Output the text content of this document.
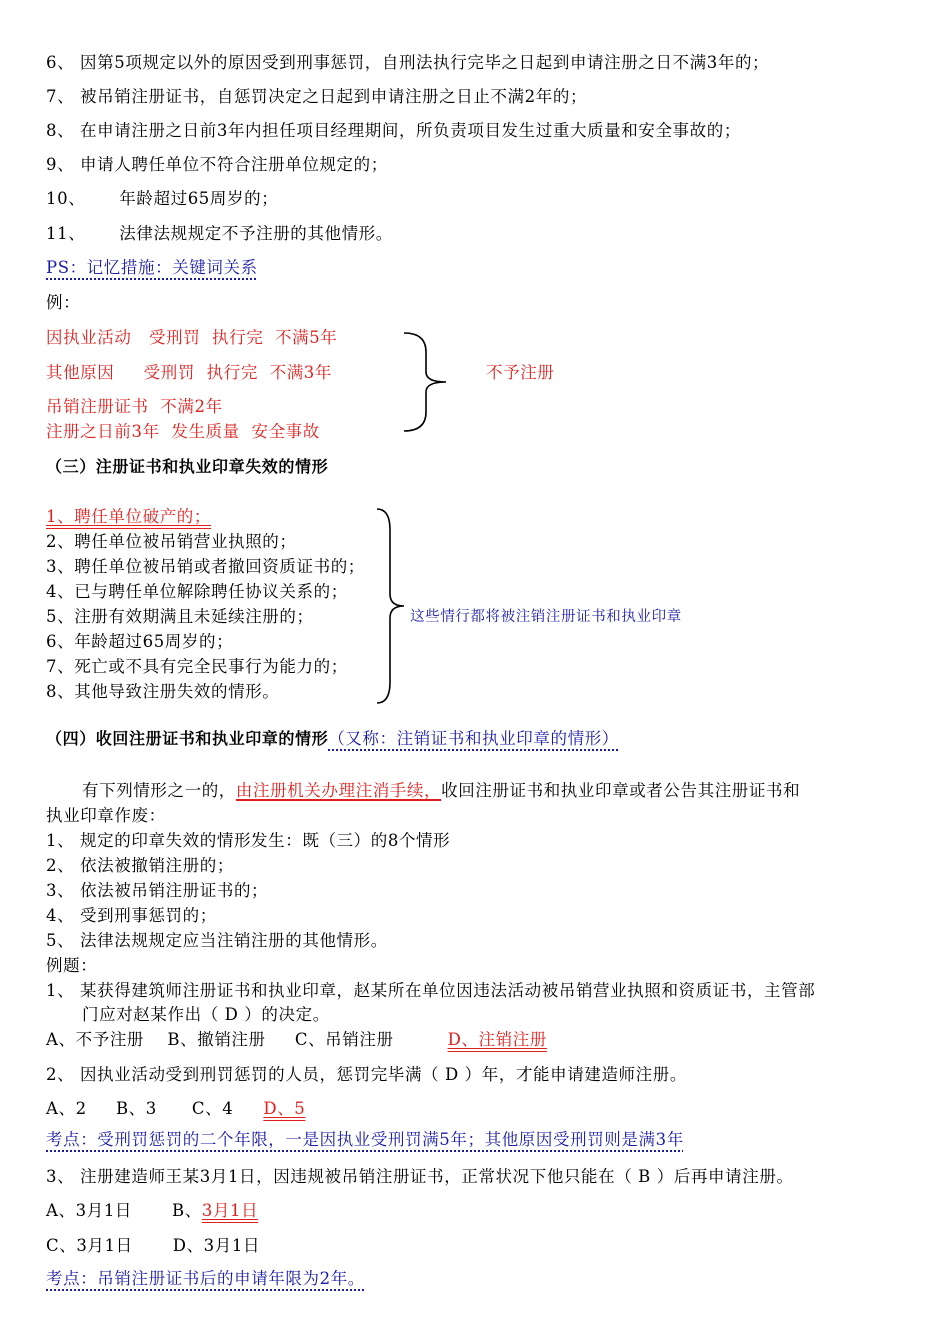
6、 因第5项规定以外的原因受到刑事惩罚，自刑法执行完毕之日起到申请注册之日不满3年的；
7、 被吊销注册证书，自惩罚决定之日起到申请注册之日止不满2年的；
8、 在申请注册之日前3年内担任项目经理期间，所负责项目发生过重大质量和安全事故的；
9、 申请人聘任单位不符合注册单位规定的；
10、 年龄超过65周岁的；
11、 法律法规规定不予注册的其他情形。
PS：记忆措施：关键词关系
例：
因执业活动   受刑罚  执行完  不满5年
其他原因     受刑罚  执行完  不满3年
吊销注册证书  不满2年
注册之日前3年  发生质量  安全事故
不予注册
（三）注册证书和执业印章失效的情形
1、聘任单位破产的；
2、聘任单位被吊销营业执照的；
3、聘任单位被吊销或者撤回资质证书的；
4、已与聘任单位解除聘任协议关系的；
5、注册有效期满且未延续注册的；
6、年龄超过65周岁的；
7、死亡或不具有完全民事行为能力的；
8、其他导致注册失效的情形。
这些情行都将被注销注册证书和执业印章
（四）收回注册证书和执业印章的情形（又称：注销证书和执业印章的情形）
有下列情形之一的，由注册机关办理注消手续，收回注册证书和执业印章或者公告其注册证书和
执业印章作废：
1、 规定的印章失效的情形发生：既（三）的8个情形
2、 依法被撤销注册的；
3、 依法被吊销注册证书的；
4、 受到刑事惩罚的；
5、 法律法规规定应当注销注册的其他情形。
例题：
1、 某获得建筑师注册证书和执业印章，赵某所在单位因违法活动被吊销营业执照和资质证书，主管部
门应对赵某作出（ D ）的决定。
A、不予注册    B、撤销注册     C、吊销注册	D、注销注册
2、 因执业活动受到刑罚惩罚的人员，惩罚完毕满（ D ）年，才能申请建造师注册。
A、2     B、3      C、4 D、5
考点：受刑罚惩罚的二个年限，一是因执业受刑罚满5年；其他原因受刑罚则是满3年
3、 注册建造师王某3月1日，因违规被吊销注册证书，正常状况下他只能在（ B ）后再申请注册。
A、3月1日 B、3月1日
C、3月1日 D、3月1日
考点：吊销注册证书后的申请年限为2年。
